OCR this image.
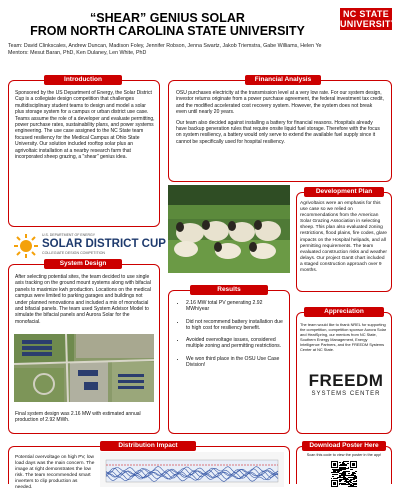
“SHEAR” GENIUS SOLAR
FROM NORTH CAROLINA STATE UNIVERSITY
NC STATE
UNIVERSITY
Team: David Clinkscales, Andrew Duncan, Madison Foley, Jennifer Robson, Jenna Swartz, Jakob Triemstra, Gabe Williams, Helen Ye
Mentors: Mesut Baran, PhD, Ken Dulaney, Len White, PhD
Introduction
Sponsored by the US Department of Energy, the Solar District Cup is a collegiate design competition that challenges multidisciplinary student teams to design and model a solar plus storage system for a campus or urban district use case. Teams assume the role of a developer and evaluate permitting, power purchase rates, sustainability plans, and power systems engineering. The use case assigned to the NC State team focused resiliency for the Medical Campus at Ohio State University. Our solution included rooftop solar plus an agrivoltaic installation at a nearby research farm that incorporated sheep grazing, a "shear" genius idea.
Financial Analysis

OSU purchases electricity at the transmission level at a very low rate. For our system design, investor returns originate from a power purchase agreement, the federal investment tax credit, and the modified accelerated cost recovery system. However, the system does not break even until nearly 20 years.

Our team also decided against installing a battery for financial reasons. Hospitals already have backup generation rules that require onsite liquid fuel storage. Therefore with the focus on system resiliency, a battery would only serve to extend the available fuel supply since it cannot be specifically used for hospital resiliency.

U.S. DEPARTMENT OF ENERGY
SOLAR DISTRICT CUP
COLLEGIATE DESIGN COMPETITION
Development Plan
Agrivoltaics were an emphasis for this use case so we relied on recommendations from the American Solar Grazing Association in selecting sheep. This plan also evaluated zoning restrictions, flood plains, fire codes, glare impacts on the Hospital helipads, and all permitting requirements. The team evaluated construction risks and weather delays. Our project Gantt chart included a staged construction approach over 9 months.
System Design
After selecting potential sites, the team decided to use single axis tracking on the ground mount systems along with bifacial panels to maximize kwh production. Locations on the medical campus were limited to parking garages and buildings not under planned renovations and included a mix of monofacial and bifacial panels. The team used System Advisor Model to simulate the bifacial panels and Aurora Solar for the monofacial.
Final system design was 2.16 MW with estimated annual production of 2.92 MWh.
Results
• 2.16 MW total PV generating 2.92 MWh/year
• Did not recommend battery installation due to high cost for resiliency benefit.
• Avoided overvoltage issues, considered multiple zoning and permitting restrictions.
• We won third place in the OSU Use Case Division!
Appreciation
The team would like to thank NREL for supporting the competition, competition sponsor Aurora Solar and HeatSpring, our mentors from NC State, Southern Energy Management, Energy Intelligence Partners, and the FREEDM Systems Center at NC State.
FREEDM
SYSTEMS CENTER
Distribution Impact
Potential overvoltage on high PV, low load days was the main concern. The image at right demonstrates the low risk. The team recommended smart inverters to clip production as needed.
Download Poster Here
Scan this code to view the poster in the app!
